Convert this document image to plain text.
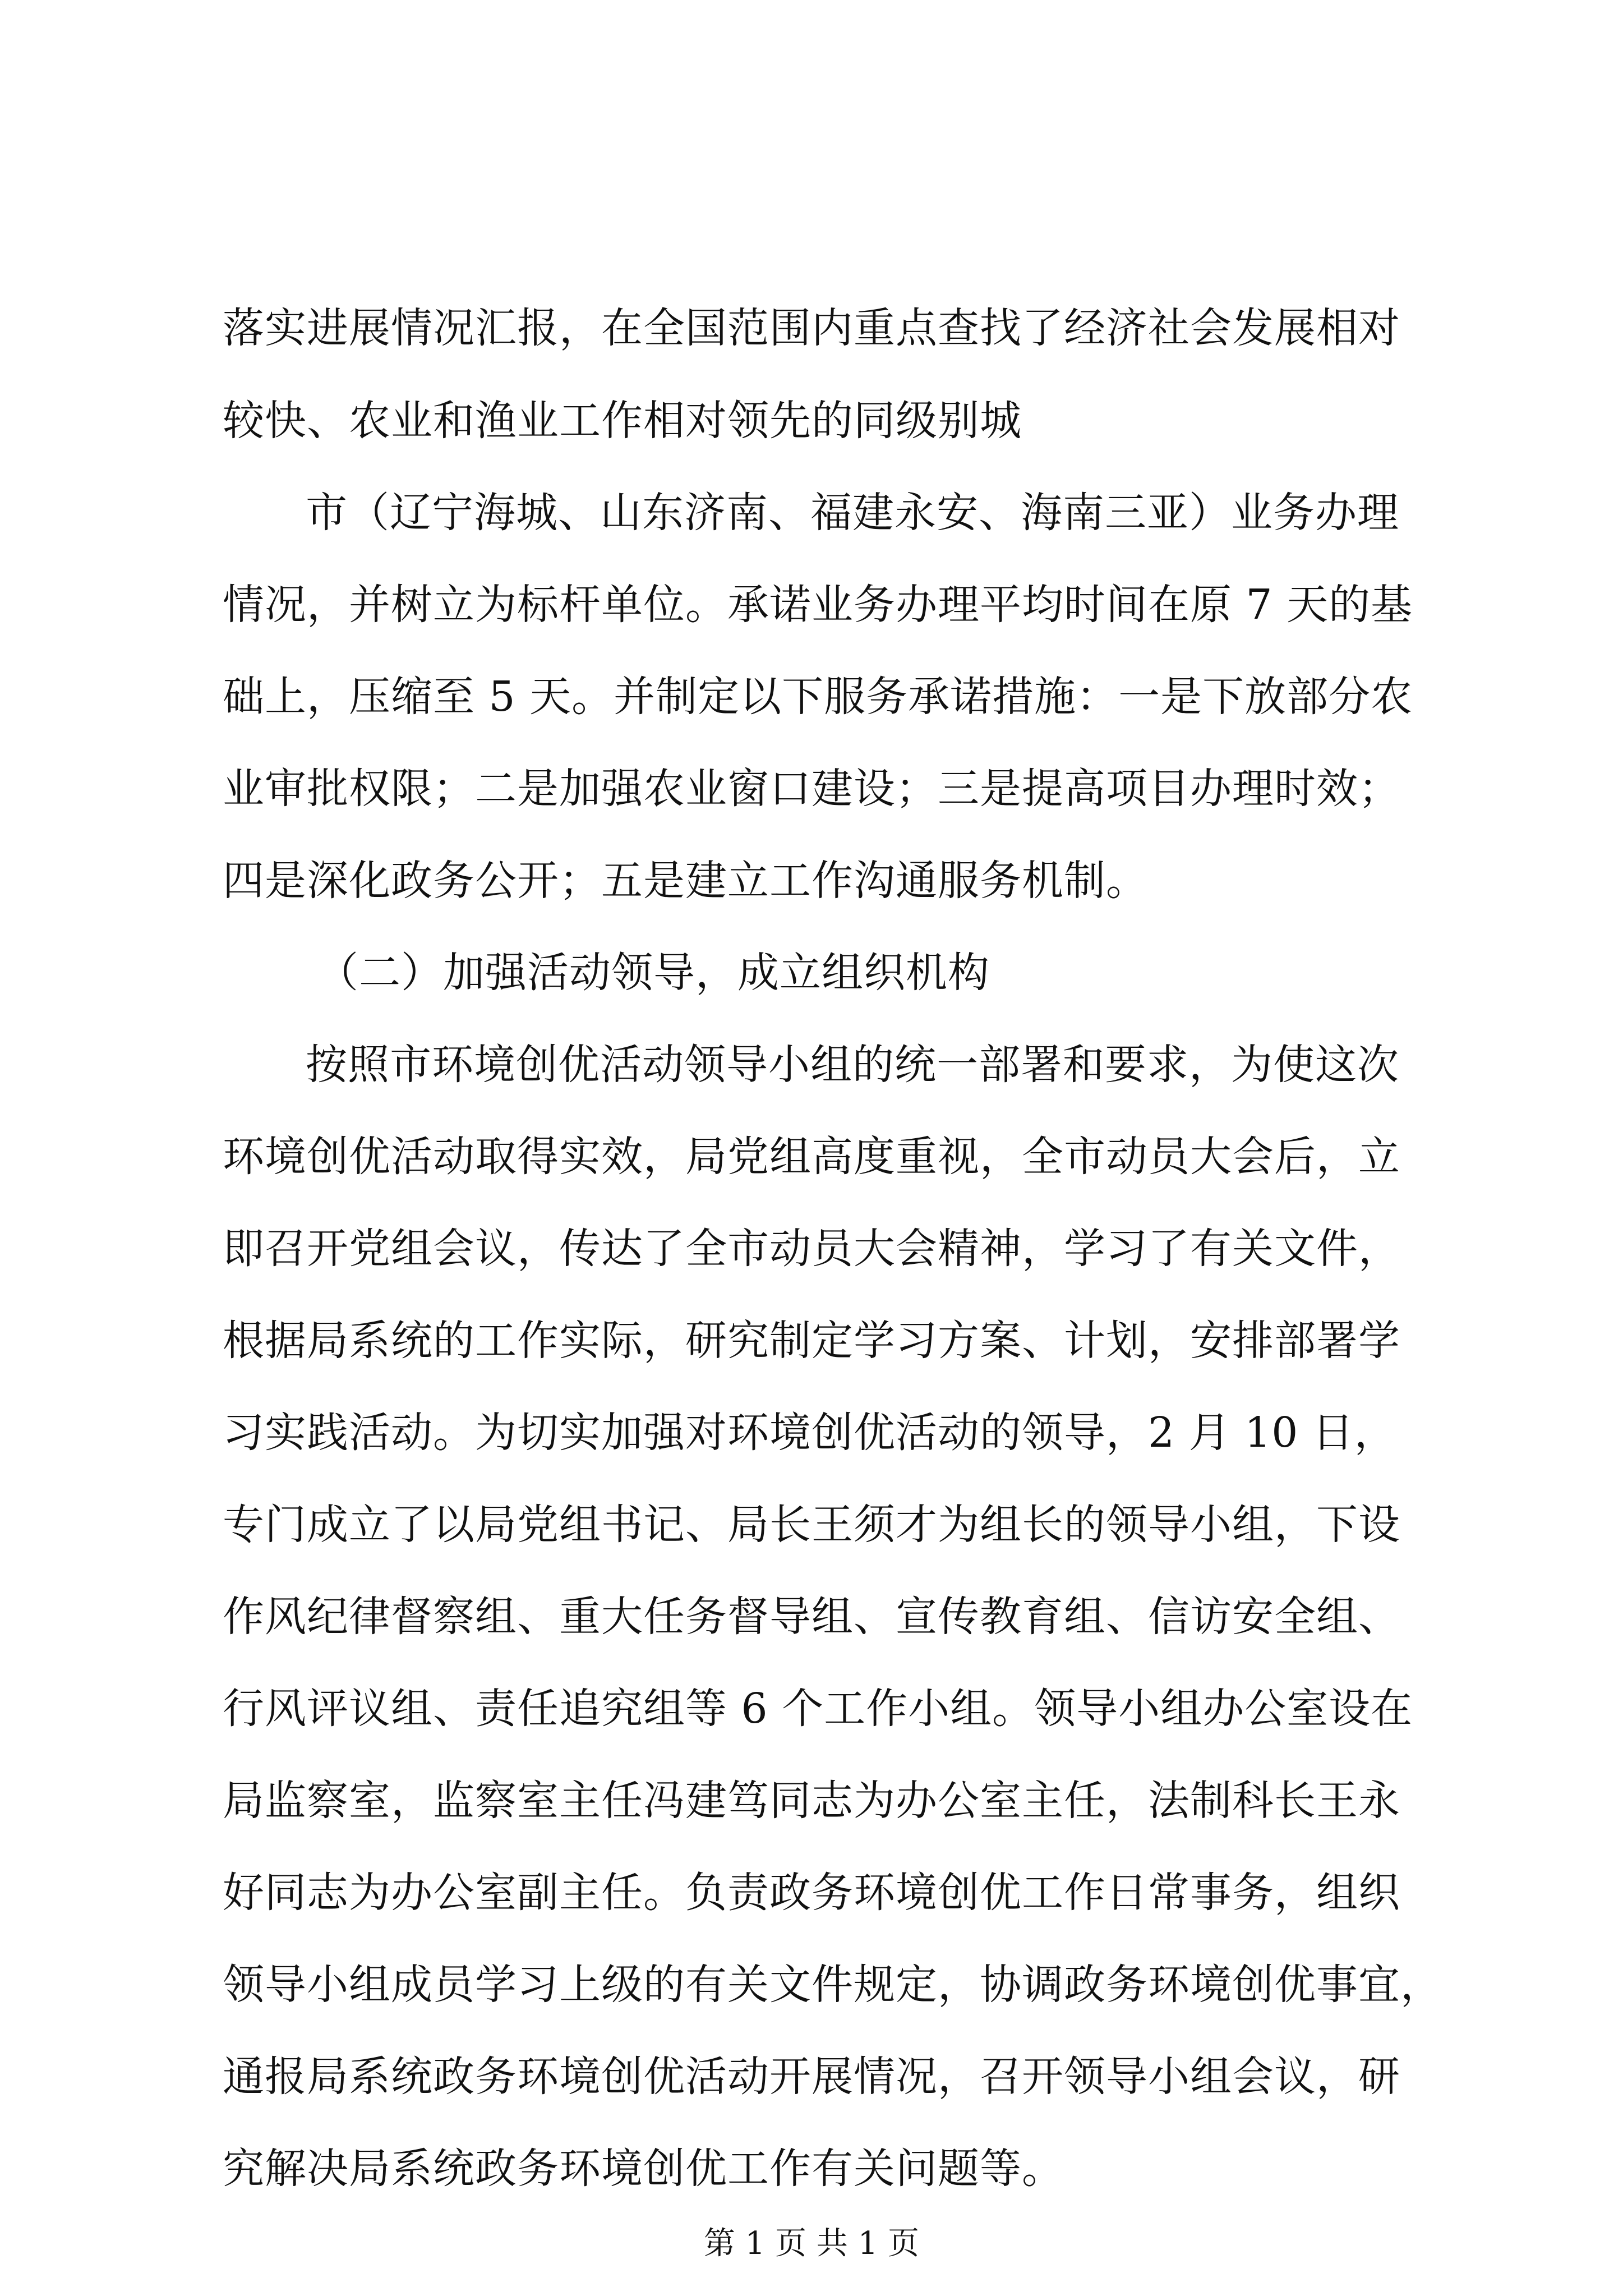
落实进展情况汇报，在全国范围内重点查找了经济社会发展相对
较快、农业和渔业工作相对领先的同级别城
市（辽宁海城、山东济南、福建永安、海南三亚）业务办理
情况，并树立为标杆单位。承诺业务办理平均时间在原 7 天的基
础上，压缩至 5 天。并制定以下服务承诺措施：一是下放部分农
业审批权限；二是加强农业窗口建设；三是提高项目办理时效；
四是深化政务公开；五是建立工作沟通服务机制。
（二）加强活动领导，成立组织机构
按照市环境创优活动领导小组的统一部署和要求，为使这次
环境创优活动取得实效，局党组高度重视，全市动员大会后，立
即召开党组会议，传达了全市动员大会精神，学习了有关文件，
根据局系统的工作实际，研究制定学习方案、计划，安排部署学
习实践活动。为切实加强对环境创优活动的领导，2 月 10 日，
专门成立了以局党组书记、局长王须才为组长的领导小组，下设
作风纪律督察组、重大任务督导组、宣传教育组、信访安全组、
行风评议组、责任追究组等 6 个工作小组。领导小组办公室设在
局监察室，监察室主任冯建笃同志为办公室主任，法制科长王永
好同志为办公室副主任。负责政务环境创优工作日常事务，组织
领导小组成员学习上级的有关文件规定，协调政务环境创优事宜，
通报局系统政务环境创优活动开展情况，召开领导小组会议，研
究解决局系统政务环境创优工作有关问题等。
第 1 页 共 1 页
